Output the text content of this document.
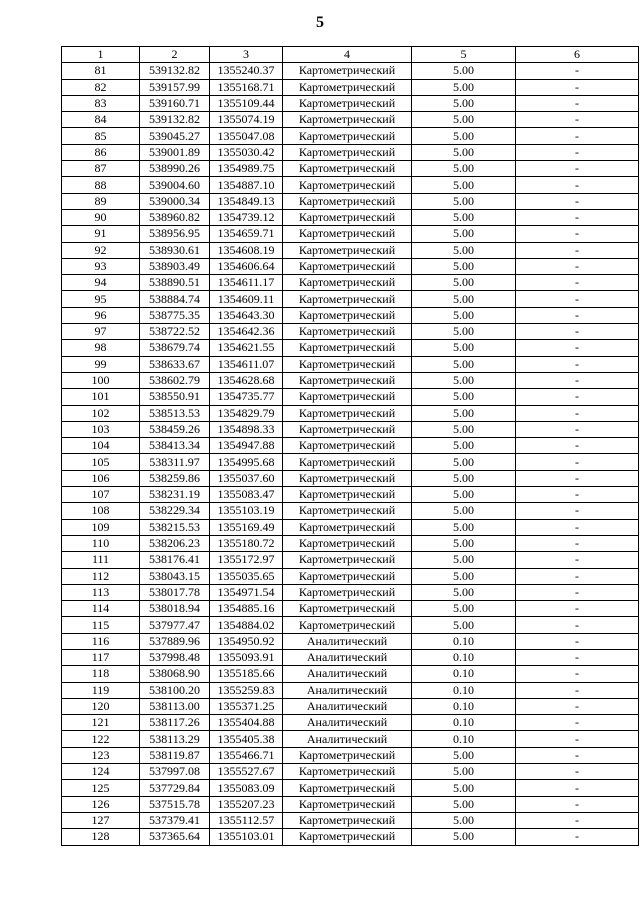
5
1	2	3	4	5	6
81	539132.82	1355240.37	Картометрический	5.00	-
82	539157.99	1355168.71	Картометрический	5.00	-
83	539160.71	1355109.44	Картометрический	5.00	-
84	539132.82	1355074.19	Картометрический	5.00	-
85	539045.27	1355047.08	Картометрический	5.00	-
86	539001.89	1355030.42	Картометрический	5.00	-
87	538990.26	1354989.75	Картометрический	5.00	-
88	539004.60	1354887.10	Картометрический	5.00	-
89	539000.34	1354849.13	Картометрический	5.00	-
90	538960.82	1354739.12	Картометрический	5.00	-
91	538956.95	1354659.71	Картометрический	5.00	-
92	538930.61	1354608.19	Картометрический	5.00	-
93	538903.49	1354606.64	Картометрический	5.00	-
94	538890.51	1354611.17	Картометрический	5.00	-
95	538884.74	1354609.11	Картометрический	5.00	-
96	538775.35	1354643.30	Картометрический	5.00	-
97	538722.52	1354642.36	Картометрический	5.00	-
98	538679.74	1354621.55	Картометрический	5.00	-
99	538633.67	1354611.07	Картометрический	5.00	-
100	538602.79	1354628.68	Картометрический	5.00	-
101	538550.91	1354735.77	Картометрический	5.00	-
102	538513.53	1354829.79	Картометрический	5.00	-
103	538459.26	1354898.33	Картометрический	5.00	-
104	538413.34	1354947.88	Картометрический	5.00	-
105	538311.97	1354995.68	Картометрический	5.00	-
106	538259.86	1355037.60	Картометрический	5.00	-
107	538231.19	1355083.47	Картометрический	5.00	-
108	538229.34	1355103.19	Картометрический	5.00	-
109	538215.53	1355169.49	Картометрический	5.00	-
110	538206.23	1355180.72	Картометрический	5.00	-
111	538176.41	1355172.97	Картометрический	5.00	-
112	538043.15	1355035.65	Картометрический	5.00	-
113	538017.78	1354971.54	Картометрический	5.00	-
114	538018.94	1354885.16	Картометрический	5.00	-
115	537977.47	1354884.02	Картометрический	5.00	-
116	537889.96	1354950.92	Аналитический	0.10	-
117	537998.48	1355093.91	Аналитический	0.10	-
118	538068.90	1355185.66	Аналитический	0.10	-
119	538100.20	1355259.83	Аналитический	0.10	-
120	538113.00	1355371.25	Аналитический	0.10	-
121	538117.26	1355404.88	Аналитический	0.10	-
122	538113.29	1355405.38	Аналитический	0.10	-
123	538119.87	1355466.71	Картометрический	5.00	-
124	537997.08	1355527.67	Картометрический	5.00	-
125	537729.84	1355083.09	Картометрический	5.00	-
126	537515.78	1355207.23	Картометрический	5.00	-
127	537379.41	1355112.57	Картометрический	5.00	-
128	537365.64	1355103.01	Картометрический	5.00	-
